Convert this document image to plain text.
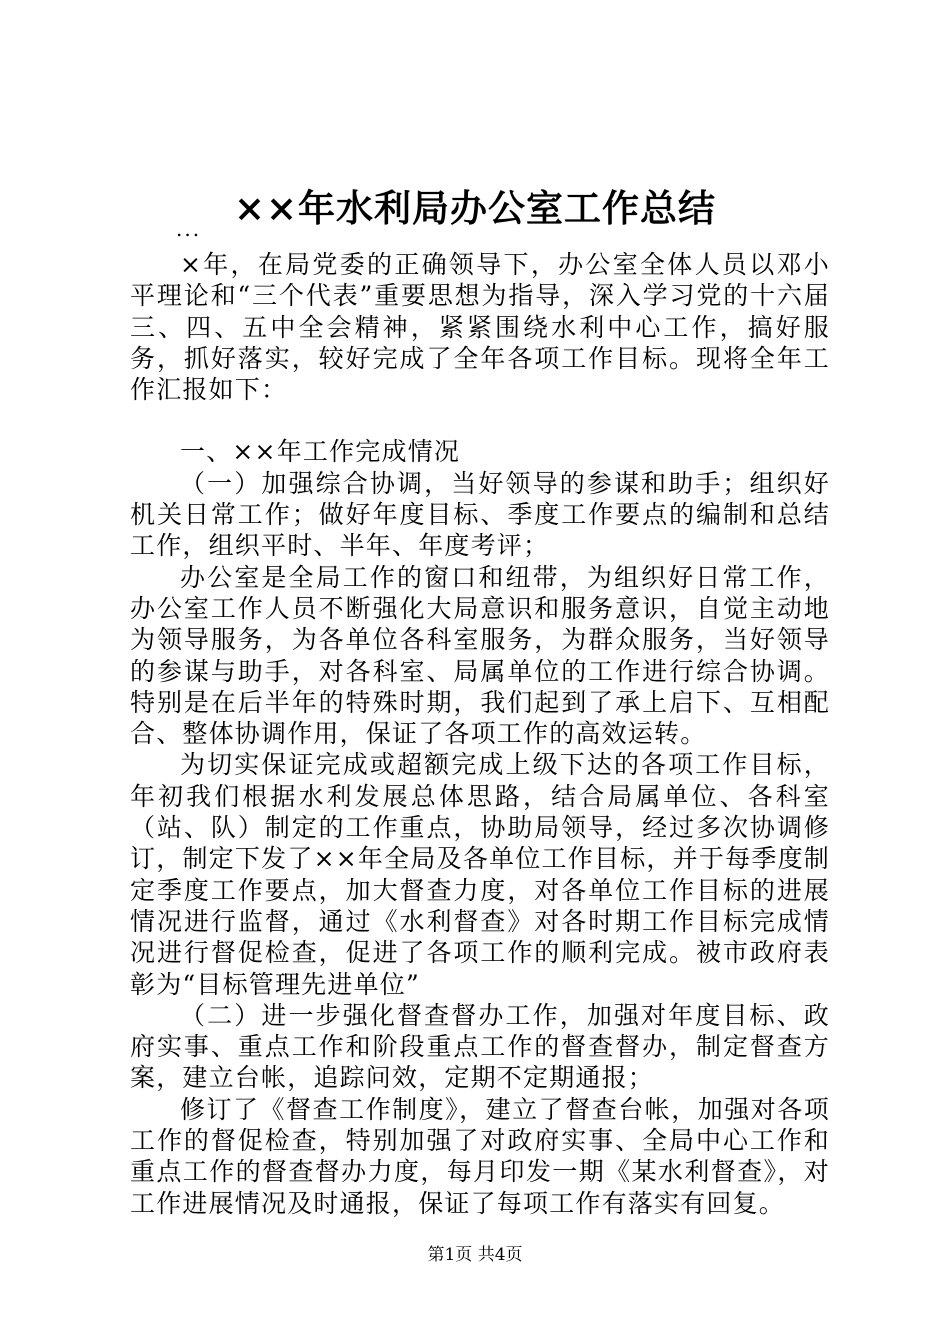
××年水利局办公室工作总结
...

×年，在局党委的正确领导下，办公室全体人员以邓小平理论和“三个代表”重要思想为指导，深入学习党的十六届三、四、五中全会精神，紧紧围绕水利中心工作，搞好服务，抓好落实，较好完成了全年各项工作目标。现将全年工作汇报如下：

一、××年工作完成情况

（一）加强综合协调，当好领导的参谋和助手；组织好机关日常工作；做好年度目标、季度工作要点的编制和总结工作，组织平时、半年、年度考评；

办公室是全局工作的窗口和纽带，为组织好日常工作，办公室工作人员不断强化大局意识和服务意识，自觉主动地为领导服务，为各单位各科室服务，为群众服务，当好领导的参谋与助手，对各科室、局属单位的工作进行综合协调。特别是在后半年的特殊时期，我们起到了承上启下、互相配合、整体协调作用，保证了各项工作的高效运转。

为切实保证完成或超额完成上级下达的各项工作目标，年初我们根据水利发展总体思路，结合局属单位、各科室（站、队）制定的工作重点，协助局领导，经过多次协调修订，制定下发了××年全局及各单位工作目标，并于每季度制定季度工作要点，加大督查力度，对各单位工作目标的进展情况进行监督，通过《水利督查》对各时期工作目标完成情况进行督促检查，促进了各项工作的顺利完成。被市政府表彰为“目标管理先进单位”

（二）进一步强化督查督办工作，加强对年度目标、政府实事、重点工作和阶段重点工作的督查督办，制定督查方案，建立台帐，追踪问效，定期不定期通报；

修订了《督查工作制度》，建立了督查台帐，加强对各项工作的督促检查，特别加强了对政府实事、全局中心工作和重点工作的督查督办力度，每月印发一期《某水利督查》，对工作进展情况及时通报，保证了每项工作有落实有回复。

第1页 共4页
